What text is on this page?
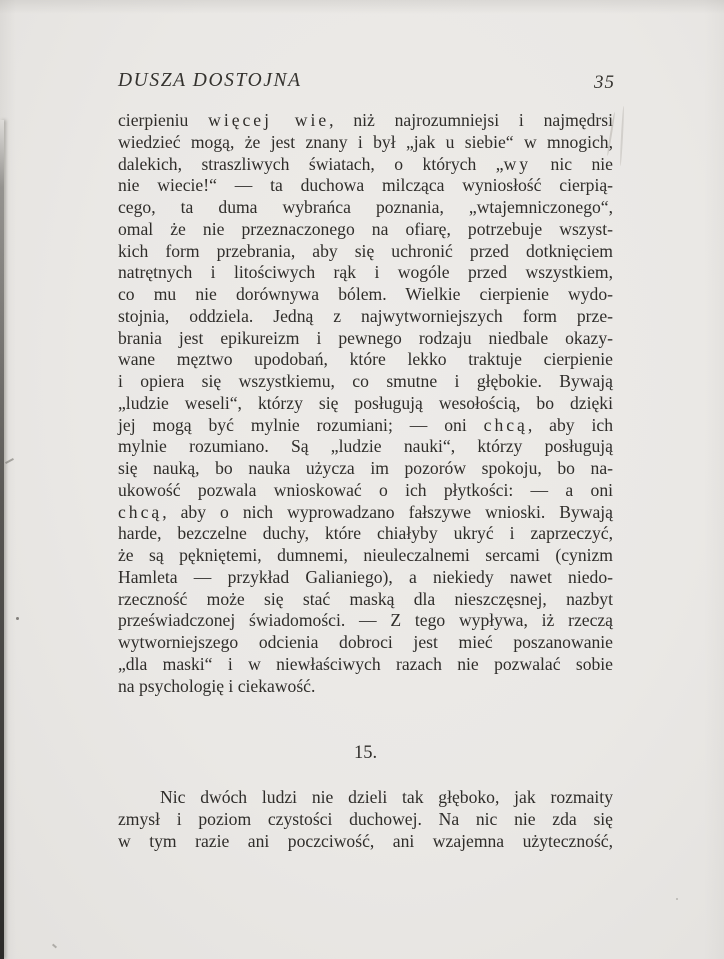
DUSZA DOSTOJNA	35
cierpieniu więcej wie, niż najrozumniejsi i najmędrsi
wiedzieć mogą, że jest znany i był „jak u siebie“ w mnogich,
dalekich, straszliwych światach, o których „wy nic nie
nie wiecie!“ — ta duchowa milcząca wyniosłość cierpią-
cego, ta duma wybrańca poznania, „wtajemniczonego“,
omal że nie przeznaczonego na ofiarę, potrzebuje wszyst-
kich form przebrania, aby się uchronić przed dotknięciem
natrętnych i litościwych rąk i wogóle przed wszystkiem,
co mu nie dorównywa bólem. Wielkie cierpienie wydo-
stojnia, oddziela. Jedną z najwytworniejszych form prze-
brania jest epikureizm i pewnego rodzaju niedbale okazy-
wane męztwo upodobań, które lekko traktuje cierpienie
i opiera się wszystkiemu, co smutne i głębokie. Bywają
„ludzie weseli“, którzy się posługują wesołością, bo dzięki
jej mogą być mylnie rozumiani; — oni chcą, aby ich
mylnie rozumiano. Są „ludzie nauki“, którzy posługują
się nauką, bo nauka użycza im pozorów spokoju, bo na-
ukowość pozwala wnioskować o ich płytkości: — a oni
chcą, aby o nich wyprowadzano fałszywe wnioski. Bywają
harde, bezczelne duchy, które chiałyby ukryć i zaprzeczyć,
że są pękniętemi, dumnemi, nieuleczalnemi sercami (cynizm
Hamleta — przykład Galianiego), a niekiedy nawet niedo-
rzeczność może się stać maską dla nieszczęsnej, nazbyt
przeświadczonej świadomości. — Z tego wypływa, iż rzeczą
wytworniejszego odcienia dobroci jest mieć poszanowanie
„dla maski“ i w niewłaściwych razach nie pozwalać sobie
na psychologię i ciekawość.
15.
Nic dwóch ludzi nie dzieli tak głęboko, jak rozmaity
zmysł i poziom czystości duchowej. Na nic nie zda się
w tym razie ani poczciwość, ani wzajemna użyteczność,
